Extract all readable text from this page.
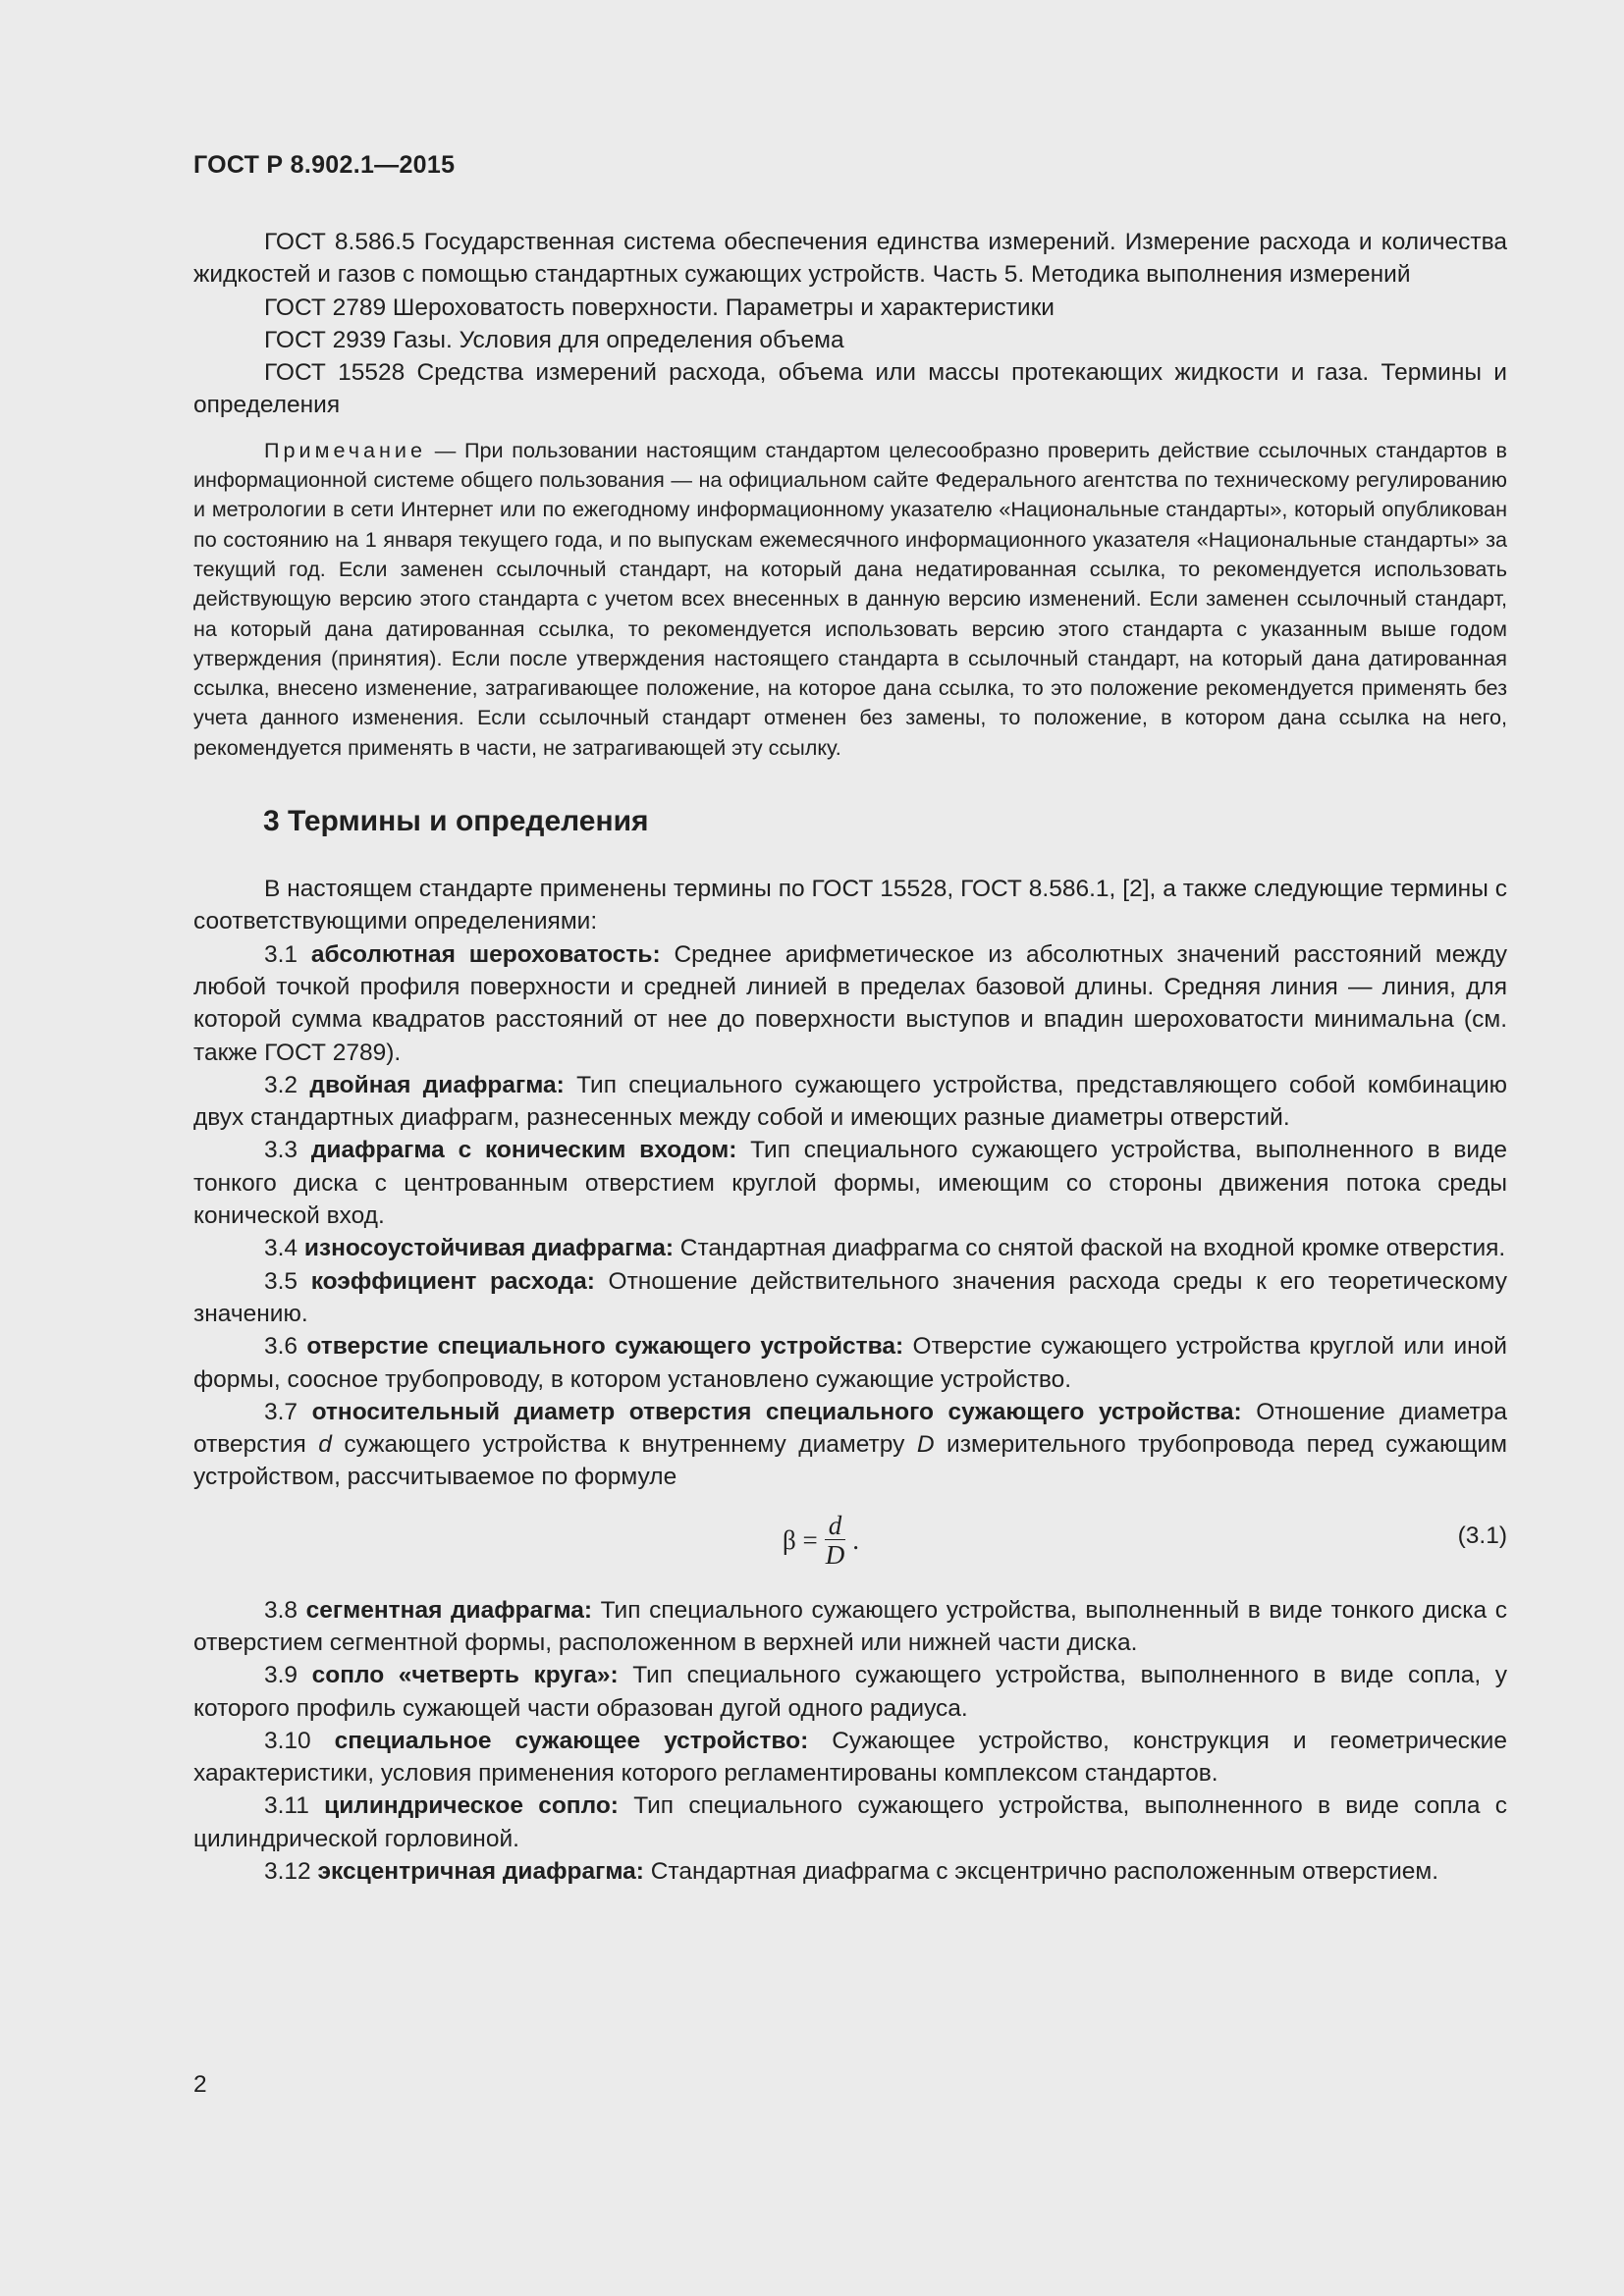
ГОСТ Р 8.902.1—2015

ГОСТ 8.586.5 Государственная система обеспечения единства измерений. Измерение расхода и количества жидкостей и газов с помощью стандартных сужающих устройств. Часть 5. Методика выполнения измерений

ГОСТ 2789 Шероховатость поверхности. Параметры и характеристики

ГОСТ 2939 Газы. Условия для определения объема

ГОСТ 15528 Средства измерений расхода, объема или массы протекающих жидкости и газа. Термины и определения

Примечание — При пользовании настоящим стандартом целесообразно проверить действие ссылочных стандартов в информационной системе общего пользования — на официальном сайте Федерального агентства по техническому регулированию и метрологии в сети Интернет или по ежегодному информационному указателю «Национальные стандарты», который опубликован по состоянию на 1 января текущего года, и по выпускам ежемесячного информационного указателя «Национальные стандарты» за текущий год. Если заменен ссылочный стандарт, на который дана недатированная ссылка, то рекомендуется использовать действующую версию этого стандарта с учетом всех внесенных в данную версию изменений. Если заменен ссылочный стандарт, на который дана датированная ссылка, то рекомендуется использовать версию этого стандарта с указанным выше годом утверждения (принятия). Если после утверждения настоящего стандарта в ссылочный стандарт, на который дана датированная ссылка, внесено изменение, затрагивающее положение, на которое дана ссылка, то это положение рекомендуется применять без учета данного изменения. Если ссылочный стандарт отменен без замены, то положение, в котором дана ссылка на него, рекомендуется применять в части, не затрагивающей эту ссылку.

3 Термины и определения

В настоящем стандарте применены термины по ГОСТ 15528, ГОСТ 8.586.1, [2], а также следующие термины с соответствующими определениями:

3.1 абсолютная шероховатость: Среднее арифметическое из абсолютных значений расстояний между любой точкой профиля поверхности и средней линией в пределах базовой длины. Средняя линия — линия, для которой сумма квадратов расстояний от нее до поверхности выступов и впадин шероховатости минимальна (см. также ГОСТ 2789).

3.2 двойная диафрагма: Тип специального сужающего устройства, представляющего собой комбинацию двух стандартных диафрагм, разнесенных между собой и имеющих разные диаметры отверстий.

3.3 диафрагма с коническим входом: Тип специального сужающего устройства, выполненного в виде тонкого диска с центрованным отверстием круглой формы, имеющим со стороны движения потока среды конической вход.

3.4 износоустойчивая диафрагма: Стандартная диафрагма со снятой фаской на входной кромке отверстия.

3.5 коэффициент расхода: Отношение действительного значения расхода среды к его теоретическому значению.

3.6 отверстие специального сужающего устройства: Отверстие сужающего устройства круглой или иной формы, соосное трубопроводу, в котором установлено сужающие устройство.

3.7 относительный диаметр отверстия специального сужающего устройства: Отношение диаметра отверстия d сужающего устройства к внутреннему диаметру D измерительного трубопровода перед сужающим устройством, рассчитываемое по формуле

$\beta = \frac{d}{D}$ .	(3.1)

3.8 сегментная диафрагма: Тип специального сужающего устройства, выполненный в виде тонкого диска с отверстием сегментной формы, расположенном в верхней или нижней части диска.

3.9 сопло «четверть круга»: Тип специального сужающего устройства, выполненного в виде сопла, у которого профиль сужающей части образован дугой одного радиуса.

3.10 специальное сужающее устройство: Сужающее устройство, конструкция и геометрические характеристики, условия применения которого регламентированы комплексом стандартов.

3.11 цилиндрическое сопло: Тип специального сужающего устройства, выполненного в виде сопла с цилиндрической горловиной.

3.12 эксцентричная диафрагма: Стандартная диафрагма с эксцентрично расположенным отверстием.

2
